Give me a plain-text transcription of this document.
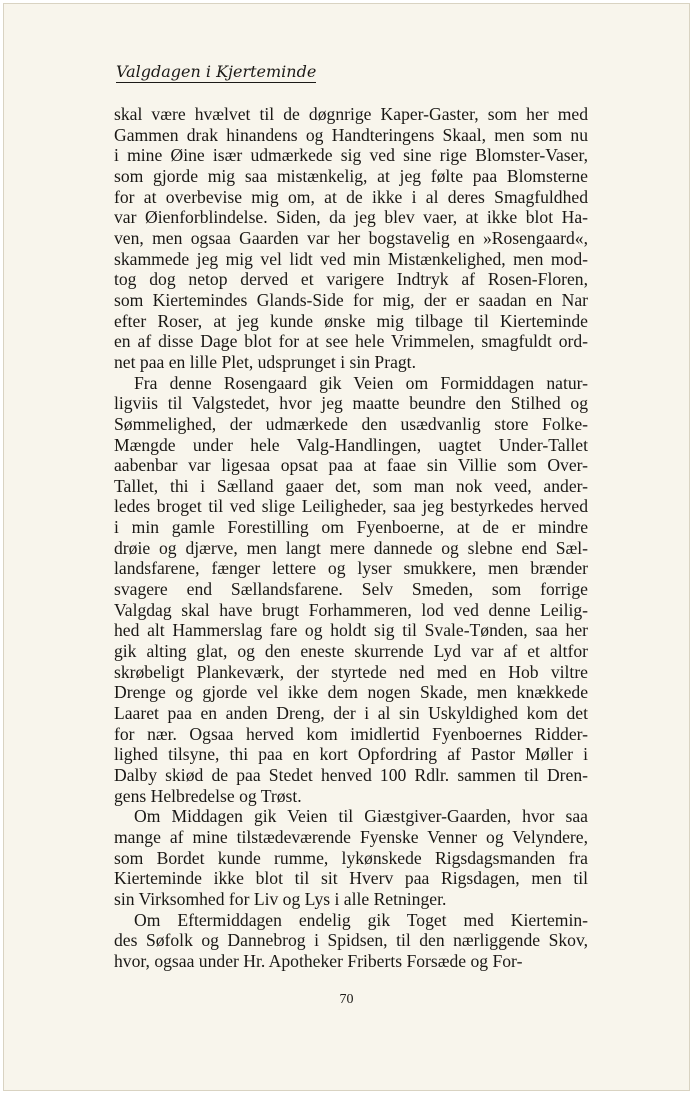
Valgdagen i Kjerteminde

skal være hvælvet til de døgnrige Kaper-Gaster, som her med
Gammen drak hinandens og Handteringens Skaal, men som nu
i mine Øine især udmærkede sig ved sine rige Blomster-Vaser,
som gjorde mig saa mistænkelig, at jeg følte paa Blomsterne
for at overbevise mig om, at de ikke i al deres Smagfuldhed
var Øienforblindelse. Siden, da jeg blev vaer, at ikke blot Ha-
ven, men ogsaa Gaarden var her bogstavelig en »Rosengaard«,
skammede jeg mig vel lidt ved min Mistænkelighed, men mod-
tog dog netop derved et varigere Indtryk af Rosen-Floren,
som Kiertemindes Glands-Side for mig, der er saadan en Nar
efter Roser, at jeg kunde ønske mig tilbage til Kierteminde
en af disse Dage blot for at see hele Vrimmelen, smagfuldt ord-
net paa en lille Plet, udsprunget i sin Pragt.

Fra denne Rosengaard gik Veien om Formiddagen natur-
ligviis til Valgstedet, hvor jeg maatte beundre den Stilhed og
Sømmelighed, der udmærkede den usædvanlig store Folke-
Mængde under hele Valg-Handlingen, uagtet Under-Tallet
aabenbar var ligesaa opsat paa at faae sin Villie som Over-
Tallet, thi i Sælland gaaer det, som man nok veed, ander-
ledes broget til ved slige Leiligheder, saa jeg bestyrkedes herved
i min gamle Forestilling om Fyenboerne, at de er mindre
drøie og djærve, men langt mere dannede og slebne end Sæl-
landsfarene, fænger lettere og lyser smukkere, men brænder
svagere end Sællandsfarene. Selv Smeden, som forrige
Valgdag skal have brugt Forhammeren, lod ved denne Leilig-
hed alt Hammerslag fare og holdt sig til Svale-Tønden, saa her
gik alting glat, og den eneste skurrende Lyd var af et altfor
skrøbeligt Plankeværk, der styrtede ned med en Hob viltre
Drenge og gjorde vel ikke dem nogen Skade, men knækkede
Laaret paa en anden Dreng, der i al sin Uskyldighed kom det
for nær. Ogsaa herved kom imidlertid Fyenboernes Ridder-
lighed tilsyne, thi paa en kort Opfordring af Pastor Møller i
Dalby skiød de paa Stedet henved 100 Rdlr. sammen til Dren-
gens Helbredelse og Trøst.

Om Middagen gik Veien til Giæstgiver-Gaarden, hvor saa
mange af mine tilstædeværende Fyenske Venner og Velyndere,
som Bordet kunde rumme, lykønskede Rigsdagsmanden fra
Kierteminde ikke blot til sit Hverv paa Rigsdagen, men til
sin Virksomhed for Liv og Lys i alle Retninger.

Om Eftermiddagen endelig gik Toget med Kiertemin-
des Søfolk og Dannebrog i Spidsen, til den nærliggende Skov,
hvor, ogsaa under Hr. Apotheker Friberts Forsæde og For-

70
